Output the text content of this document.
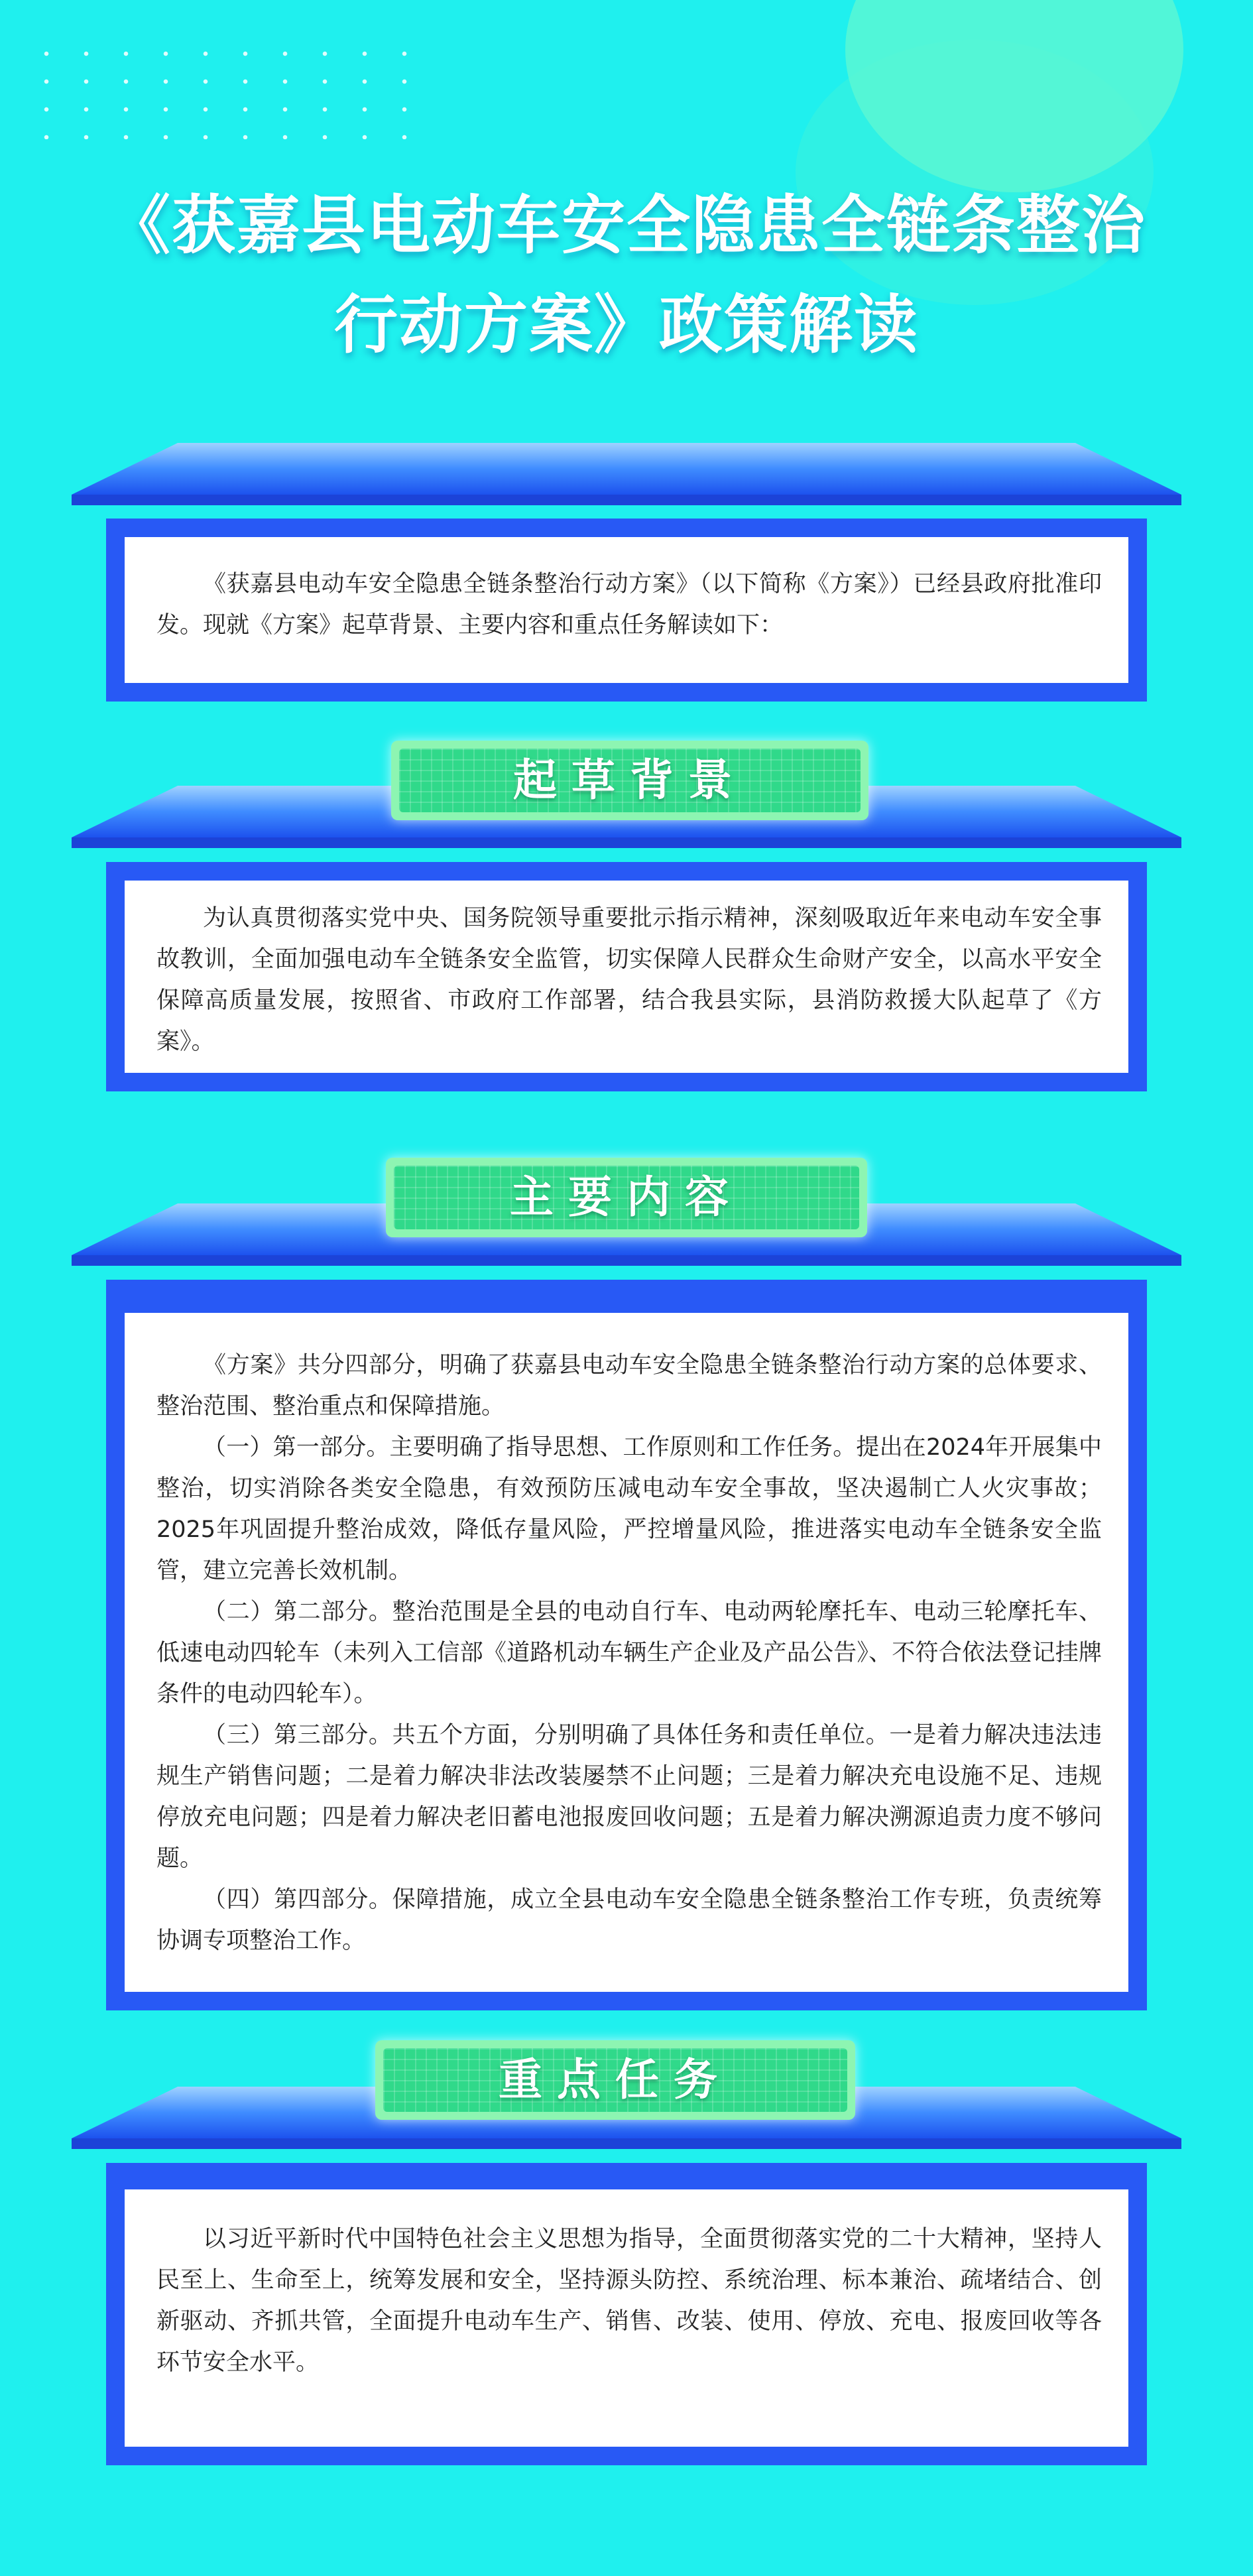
《获嘉县电动车安全隐患全链条整治
行动方案》政策解读
《获嘉县电动车安全隐患全链条整治行动方案》（以下简称《方案》）已经县政府批准印发。现就《方案》起草背景、主要内容和重点任务解读如下：
起草背景

为认真贯彻落实党中央、国务院领导重要批示指示精神，深刻吸取近年来电动车安全事故教训，全面加强电动车全链条安全监管，切实保障人民群众生命财产安全，以高水平安全保障高质量发展，按照省、市政府工作部署，结合我县实际，县消防救援大队起草了《方案》。

主要内容

《方案》共分四部分，明确了获嘉县电动车安全隐患全链条整治行动方案的总体要求、整治范围、整治重点和保障措施。

（一）第一部分。主要明确了指导思想、工作原则和工作任务。提出在2024年开展集中整治，切实消除各类安全隐患，有效预防压减电动车安全事故，坚决遏制亡人火灾事故；2025年巩固提升整治成效，降低存量风险，严控增量风险，推进落实电动车全链条安全监管，建立完善长效机制。

（二）第二部分。整治范围是全县的电动自行车、电动两轮摩托车、电动三轮摩托车、低速电动四轮车（未列入工信部《道路机动车辆生产企业及产品公告》、不符合依法登记挂牌条件的电动四轮车）。

（三）第三部分。共五个方面，分别明确了具体任务和责任单位。一是着力解决违法违规生产销售问题；二是着力解决非法改装屡禁不止问题；三是着力解决充电设施不足、违规停放充电问题；四是着力解决老旧蓄电池报废回收问题；五是着力解决溯源追责力度不够问题。

（四）第四部分。保障措施，成立全县电动车安全隐患全链条整治工作专班，负责统筹协调专项整治工作。

重点任务

以习近平新时代中国特色社会主义思想为指导，全面贯彻落实党的二十大精神，坚持人民至上、生命至上，统筹发展和安全，坚持源头防控、系统治理、标本兼治、疏堵结合、创新驱动、齐抓共管，全面提升电动车生产、销售、改装、使用、停放、充电、报废回收等各环节安全水平。
